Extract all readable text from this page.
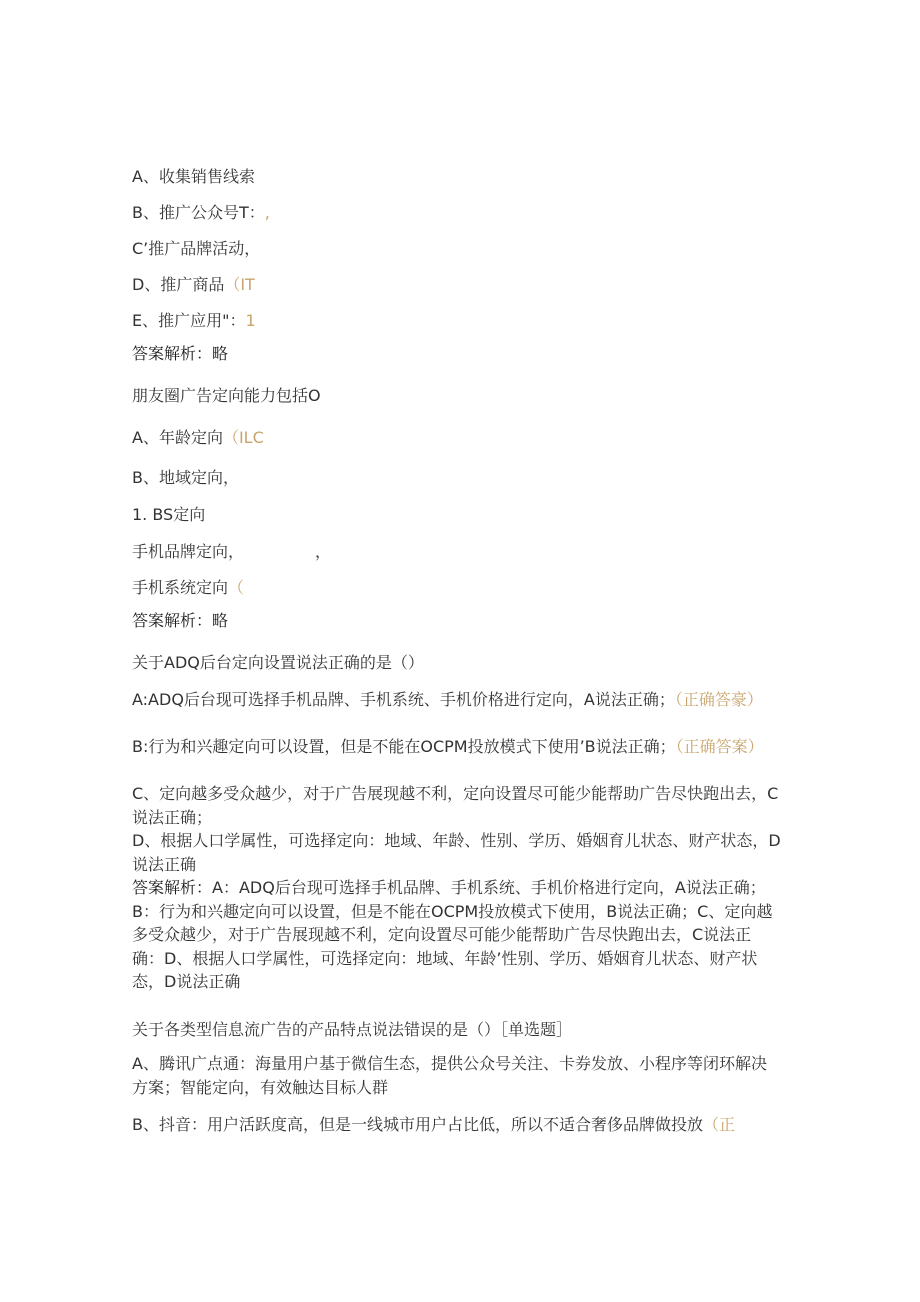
A、收集销售线索
B、推广公众号T：,
C’推广品牌活动，
D、推广商品（IT
E、推广应用"：1
答案解析：略
朋友圈广告定向能力包括O
A、年龄定向（ILC
B、地域定向，
1. BS定向
手机品牌定向，	，
手机系统定向（
答案解析：略
关于ADQ后台定向设置说法正确的是（）
A:ADQ后台现可选择手机品牌、手机系统、手机价格进行定向，A说法正确；（正确答豪）
B:行为和兴趣定向可以设置，但是不能在OCPM投放模式下使用’B说法正确；（正确答案）
C、定向越多受众越少，对于广告展现越不利，定向设置尽可能少能帮助广告尽快跑出去，C说法正确；
D、根据人口学属性，可选择定向：地域、年龄、性别、学历、婚姻育儿状态、财产状态，D说法正确
答案解析：A：ADQ后台现可选择手机品牌、手机系统、手机价格进行定向，A说法正确；B：行为和兴趣定向可以设置，但是不能在OCPM投放模式下使用，B说法正确；C、定向越多受众越少，对于广告展现越不利，定向设置尽可能少能帮助广告尽快跑出去，C说法正确：D、根据人口学属性，可选择定向：地域、年龄’性别、学历、婚姻育儿状态、财产状态，D说法正确
关于各类型信息流广告的产品特点说法错误的是（）［单选题］
A、腾讯广点通：海量用户基于微信生态，提供公众号关注、卡券发放、小程序等闭环解决方案；智能定向，有效触达目标人群
B、抖音：用户活跃度高，但是一线城市用户占比低，所以不适合奢侈品牌做投放（正
